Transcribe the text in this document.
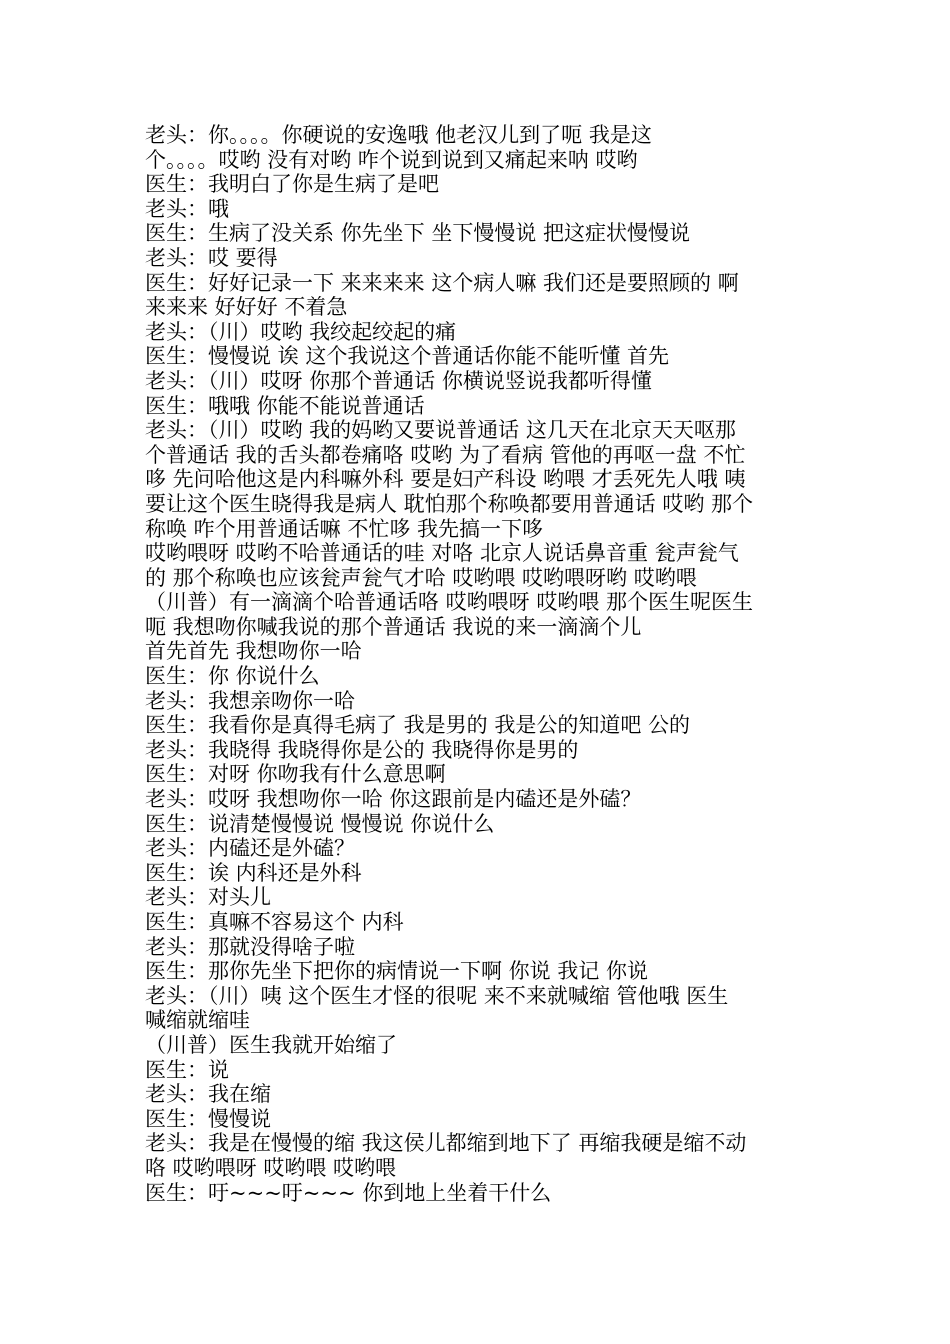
老头：你。。。。你硬说的安逸哦 他老汉儿到了呃 我是这

个。。。。哎哟 没有对哟 咋个说到说到又痛起来呐 哎哟

医生：我明白了你是生病了是吧

老头：哦

医生：生病了没关系 你先坐下 坐下慢慢说 把这症状慢慢说

老头：哎 要得

医生：好好记录一下 来来来来 这个病人嘛 我们还是要照顾的 啊

来来来 好好好 不着急

老头：（川）哎哟 我绞起绞起的痛

医生：慢慢说 诶 这个我说这个普通话你能不能听懂 首先

老头：（川）哎呀 你那个普通话 你横说竖说我都听得懂

医生：哦哦 你能不能说普通话

老头：（川）哎哟 我的妈哟又要说普通话 这几天在北京天天呕那

个普通话 我的舌头都卷痛咯 哎哟 为了看病 管他的再呕一盘 不忙

哆 先问哈他这是内科嘛外科 要是妇产科设 哟喂 才丢死先人哦 咦

要让这个医生晓得我是病人 耽怕那个称唤都要用普通话 哎哟 那个

称唤 咋个用普通话嘛 不忙哆 我先搞一下哆

哎哟喂呀 哎哟不哈普通话的哇 对咯 北京人说话鼻音重 瓮声瓮气

的 那个称唤也应该瓮声瓮气才哈 哎哟喂 哎哟喂呀哟 哎哟喂

（川普）有一滴滴个哈普通话咯 哎哟喂呀 哎哟喂 那个医生呢医生

呃 我想吻你喊我说的那个普通话 我说的来一滴滴个儿

首先首先 我想吻你一哈

医生：你 你说什么

老头：我想亲吻你一哈

医生：我看你是真得毛病了 我是男的 我是公的知道吧 公的

老头：我晓得 我晓得你是公的 我晓得你是男的

医生：对呀 你吻我有什么意思啊

老头：哎呀 我想吻你一哈 你这跟前是内磕还是外磕？

医生：说清楚慢慢说 慢慢说 你说什么

老头：内磕还是外磕？

医生：诶 内科还是外科

老头：对头儿

医生：真嘛不容易这个 内科

老头：那就没得啥子啦

医生：那你先坐下把你的病情说一下啊 你说 我记 你说

老头：（川）咦 这个医生才怪的很呢 来不来就喊缩 管他哦 医生

喊缩就缩哇

（川普）医生我就开始缩了

医生：说

老头：我在缩

医生：慢慢说

老头：我是在慢慢的缩 我这侯儿都缩到地下了 再缩我硬是缩不动

咯 哎哟喂呀 哎哟喂 哎哟喂

医生：吁~~~吁~~~ 你到地上坐着干什么
